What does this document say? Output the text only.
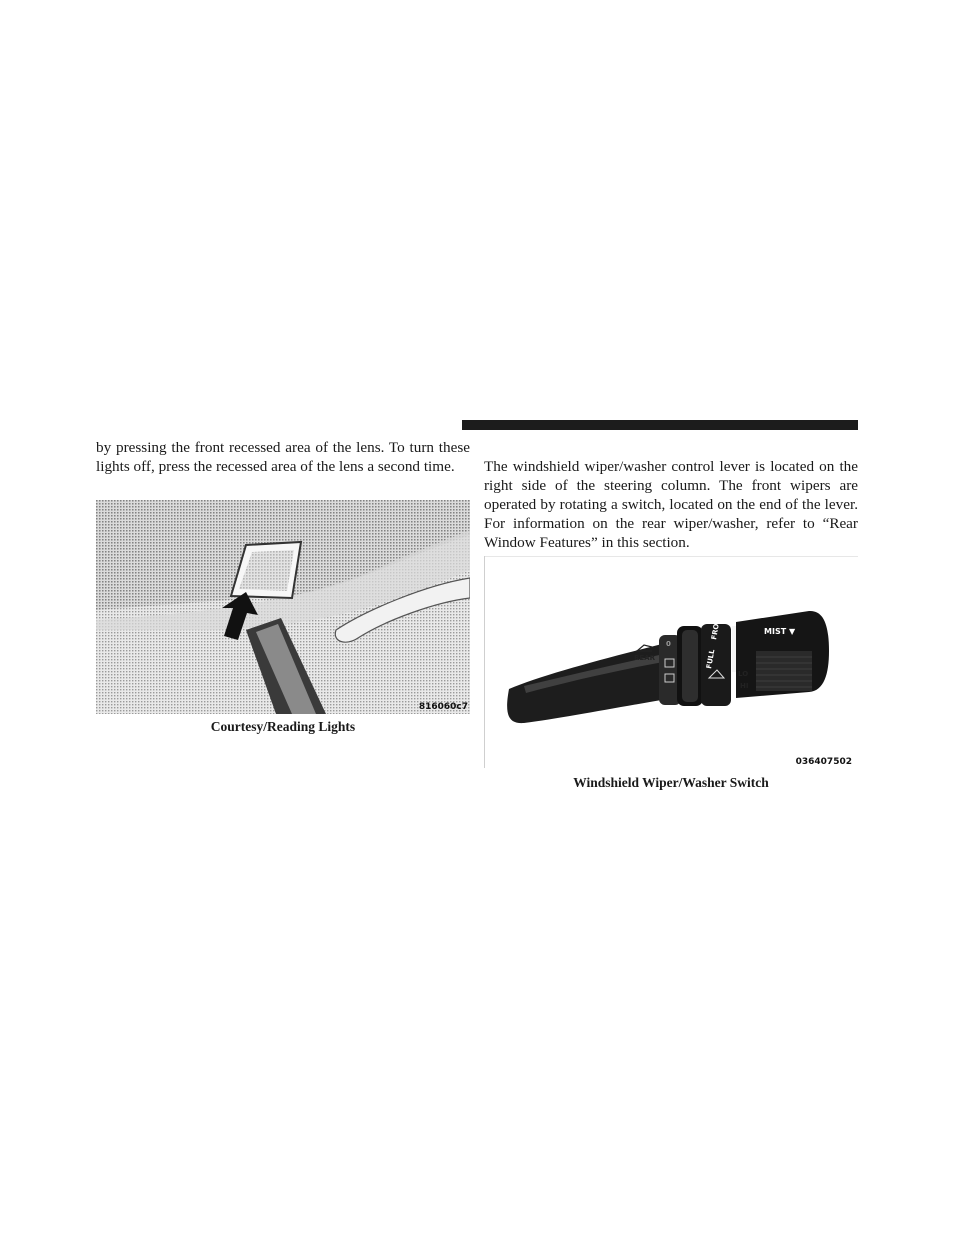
by pressing the front recessed area of the lens. To turn these lights off, press the recessed area of the lens a second time.
816060c7
Courtesy/Reading Lights
The windshield wiper/washer control lever is located on the right side of the steering column. The front wipers are operated by rotating a switch, located on the end of the lever. For information on the rear wiper/washer, refer to “Rear Window Features” in this section.
REAR
FRONT
FULL
MIST ▼
LO
HI
0
036407502
Windshield Wiper/Washer Switch
